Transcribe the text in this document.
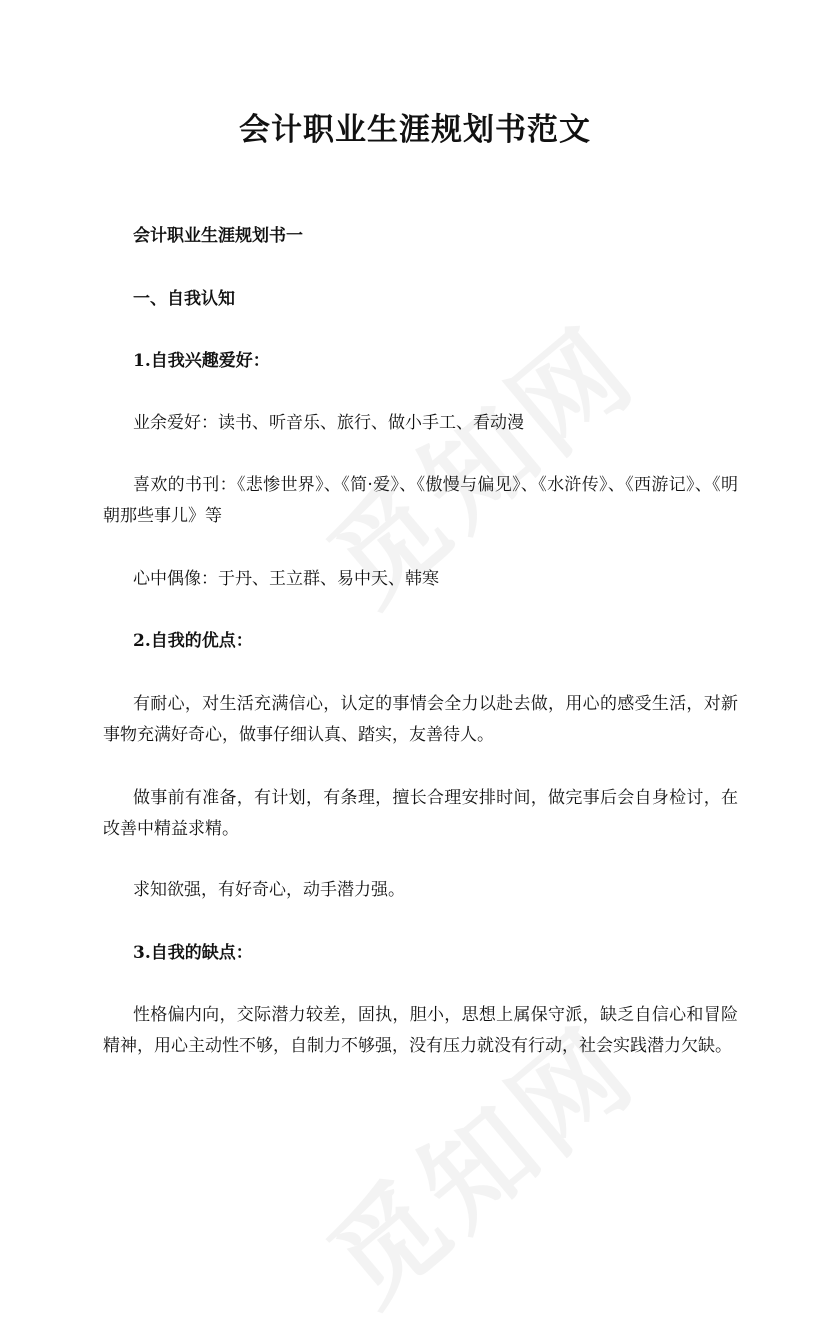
会计职业生涯规划书范文
会计职业生涯规划书一
一、自我认知
1.自我兴趣爱好：
业余爱好：读书、听音乐、旅行、做小手工、看动漫
喜欢的书刊：《悲惨世界》、《简·爱》、《傲慢与偏见》、《水浒传》、《西游记》、《明朝那些事儿》等
心中偶像：于丹、王立群、易中天、韩寒
2.自我的优点：
有耐心，对生活充满信心，认定的事情会全力以赴去做，用心的感受生活，对新事物充满好奇心，做事仔细认真、踏实，友善待人。
做事前有准备，有计划，有条理，擅长合理安排时间，做完事后会自身检讨，在改善中精益求精。
求知欲强，有好奇心，动手潜力强。
3.自我的缺点：
性格偏内向，交际潜力较差，固执，胆小，思想上属保守派，缺乏自信心和冒险精神，用心主动性不够，自制力不够强，没有压力就没有行动，社会实践潜力欠缺。
